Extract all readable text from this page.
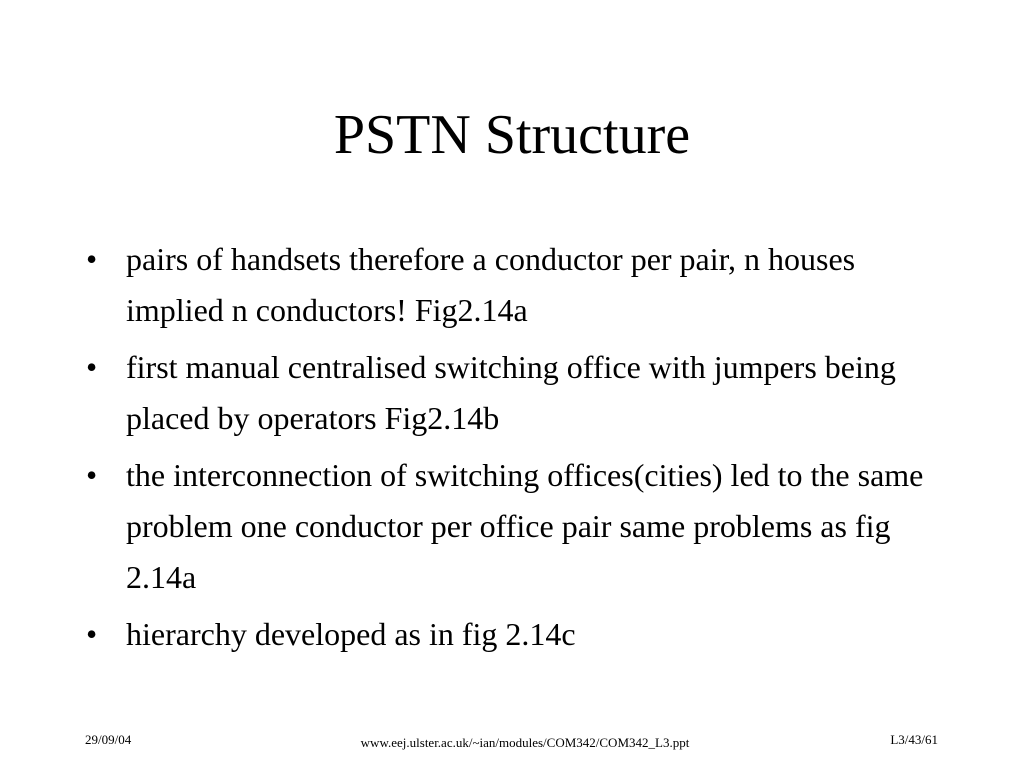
PSTN Structure
• pairs of handsets therefore a conductor per pair, n houses implied n conductors! Fig2.14a
• first manual centralised switching office with jumpers being placed by operators Fig2.14b
• the interconnection of switching offices(cities) led to the same problem one conductor per office pair same problems as fig 2.14a
• hierarchy developed as in fig 2.14c
29/09/04	www.eej.ulster.ac.uk/~ian/modules/COM342/COM342_L3.ppt	L3/43/61
